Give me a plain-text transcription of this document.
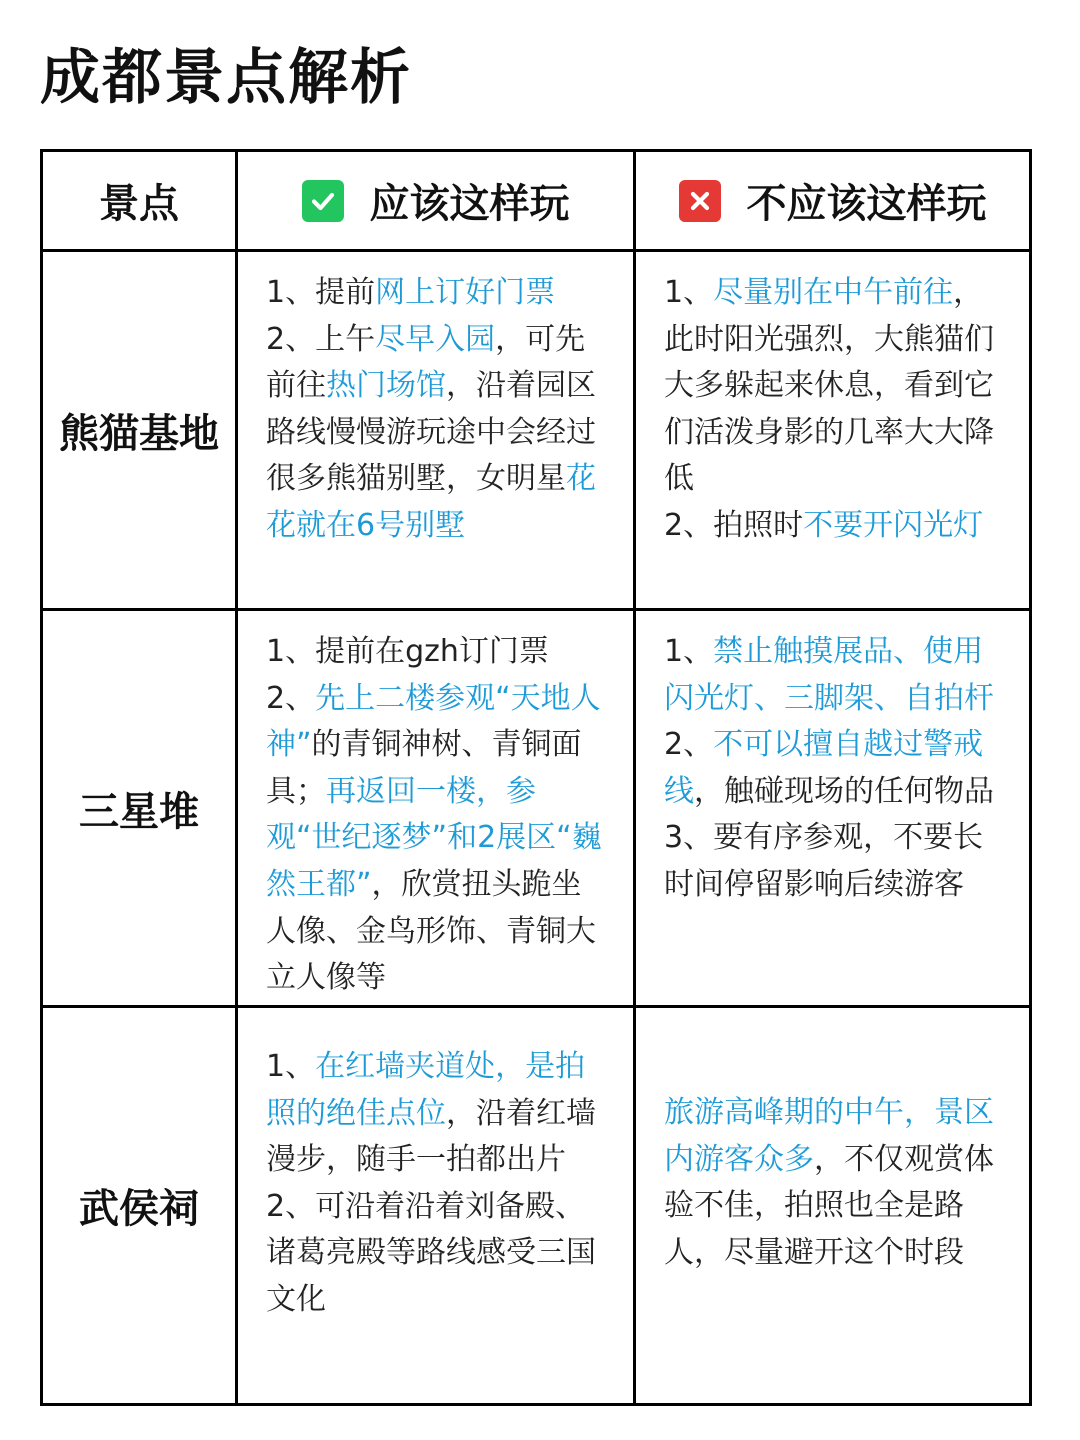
成都景点解析
景点	应该这样玩	不应该这样玩
熊猫基地

1、提前网上订好门票

2、上午尽早入园，可先前往热门场馆，沿着园区路线慢慢游玩途中会经过很多熊猫别墅，女明星花花就在6号别墅

1、尽量别在中午前往，此时阳光强烈，大熊猫们大多躲起来休息，看到它们活泼身影的几率大大降低

2、拍照时不要开闪光灯

三星堆

1、提前在gzh订门票

2、先上二楼参观“天地人神”的青铜神树、青铜面具；再返回一楼，参观“世纪逐梦”和2展区“巍然王都”，欣赏扭头跪坐人像、金鸟形饰、青铜大立人像等

1、禁止触摸展品、使用闪光灯、三脚架、自拍杆

2、不可以擅自越过警戒线，触碰现场的任何物品

3、要有序参观，不要长时间停留影响后续游客

武侯祠

1、在红墙夹道处，是拍照的绝佳点位，沿着红墙漫步，随手一拍都出片

2、可沿着沿着刘备殿、诸葛亮殿等路线感受三国文化

旅游高峰期的中午，景区内游客众多，不仅观赏体验不佳，拍照也全是路人，尽量避开这个时段
